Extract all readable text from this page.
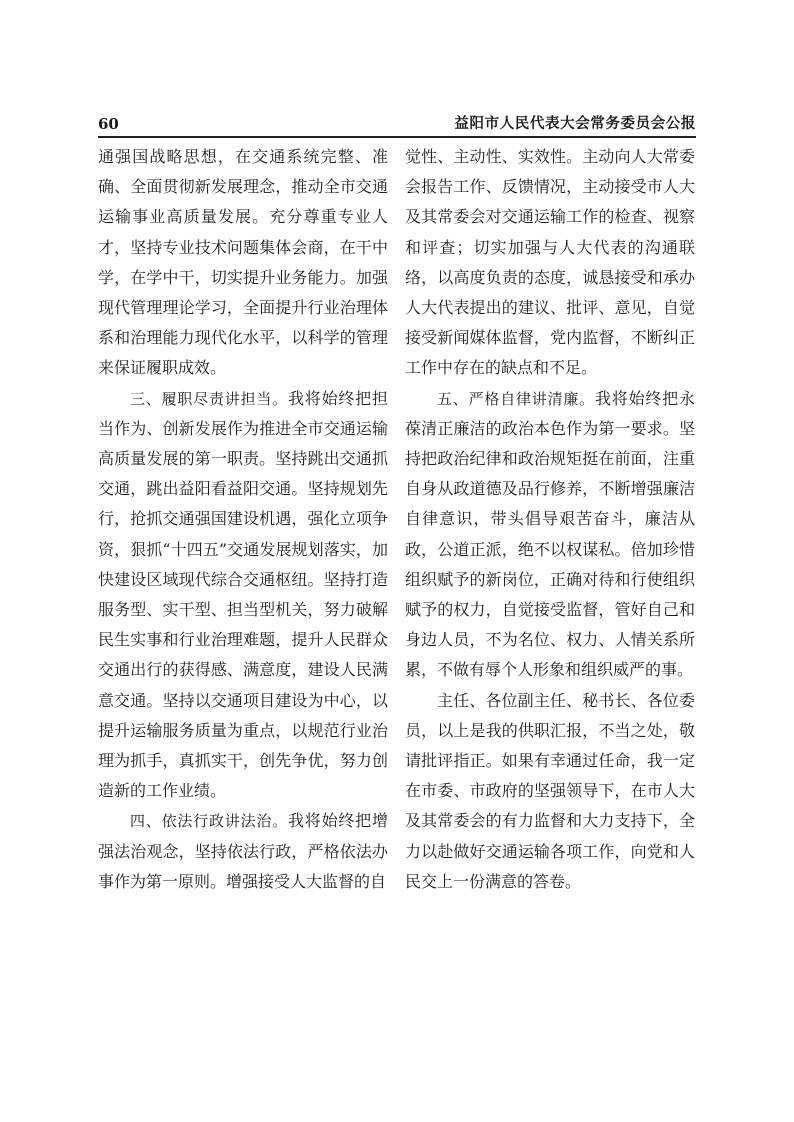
60	益阳市人民代表大会常务委员会公报

通强国战略思想，在交通系统完整、准确、全面贯彻新发展理念，推动全市交通运输事业高质量发展。充分尊重专业人才，坚持专业技术问题集体会商，在干中学，在学中干，切实提升业务能力。加强现代管理理论学习，全面提升行业治理体系和治理能力现代化水平，以科学的管理来保证履职成效。

三、履职尽责讲担当。我将始终把担当作为、创新发展作为推进全市交通运输高质量发展的第一职责。坚持跳出交通抓交通，跳出益阳看益阳交通。坚持规划先行，抢抓交通强国建设机遇，强化立项争资，狠抓“十四五”交通发展规划落实，加快建设区域现代综合交通枢纽。坚持打造服务型、实干型、担当型机关，努力破解民生实事和行业治理难题，提升人民群众交通出行的获得感、满意度，建设人民满意交通。坚持以交通项目建设为中心，以提升运输服务质量为重点，以规范行业治理为抓手，真抓实干，创先争优，努力创造新的工作业绩。

四、依法行政讲法治。我将始终把增强法治观念，坚持依法行政，严格依法办事作为第一原则。增强接受人大监督的自

觉性、主动性、实效性。主动向人大常委会报告工作、反馈情况，主动接受市人大及其常委会对交通运输工作的检查、视察和评查；切实加强与人大代表的沟通联络，以高度负责的态度，诚恳接受和承办人大代表提出的建议、批评、意见，自觉接受新闻媒体监督，党内监督，不断纠正工作中存在的缺点和不足。

五、严格自律讲清廉。我将始终把永葆清正廉洁的政治本色作为第一要求。坚持把政治纪律和政治规矩挺在前面，注重自身从政道德及品行修养，不断增强廉洁自律意识，带头倡导艰苦奋斗，廉洁从政，公道正派，绝不以权谋私。倍加珍惜组织赋予的新岗位，正确对待和行使组织赋予的权力，自觉接受监督，管好自己和身边人员，不为名位、权力、人情关系所累，不做有辱个人形象和组织威严的事。

主任、各位副主任、秘书长、各位委员，以上是我的供职汇报，不当之处，敬请批评指正。如果有幸通过任命，我一定在市委、市政府的坚强领导下，在市人大及其常委会的有力监督和大力支持下，全力以赴做好交通运输各项工作，向党和人民交上一份满意的答卷。
